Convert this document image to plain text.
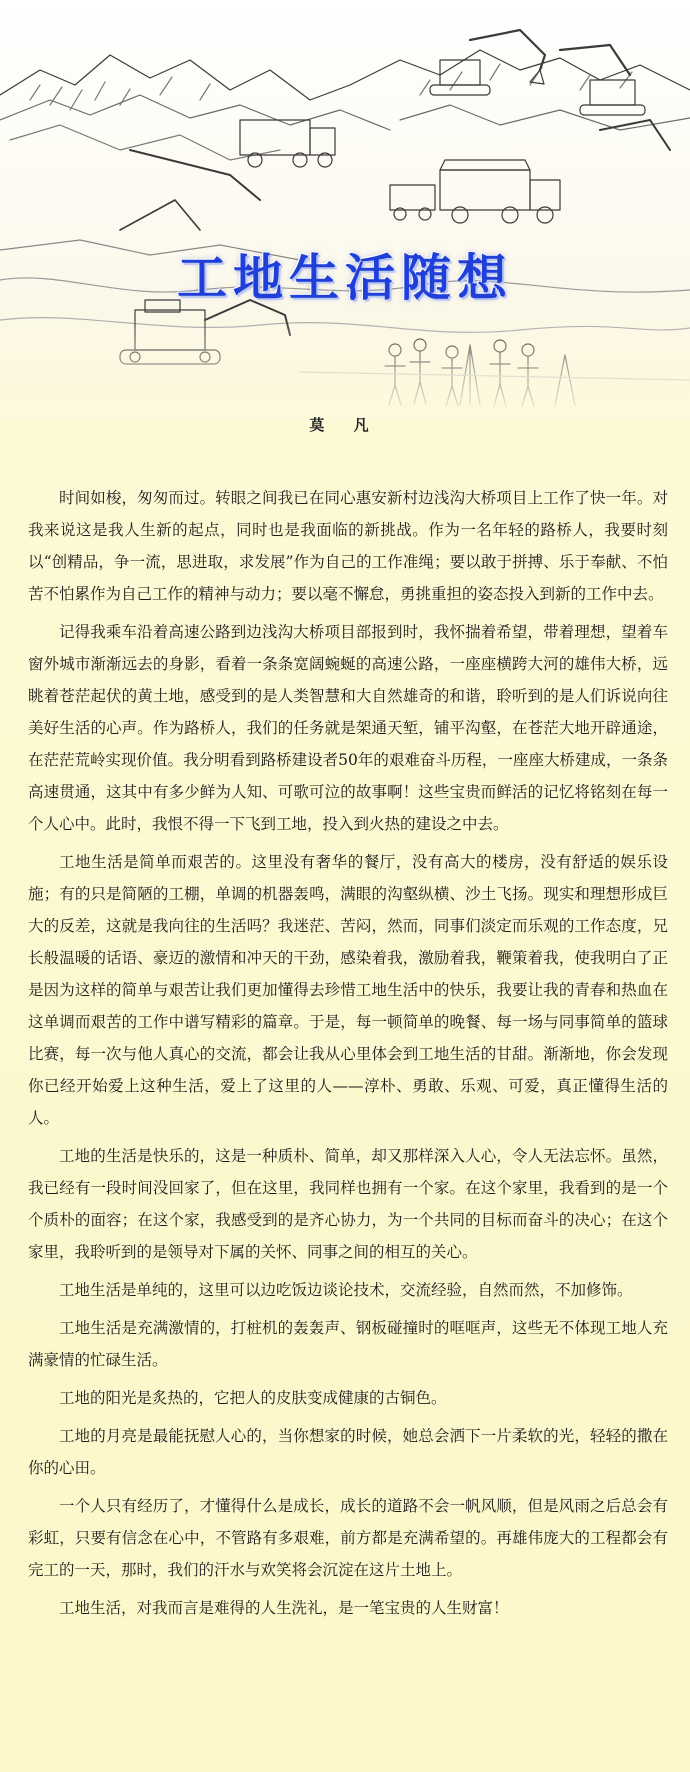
工地生活随想
莫 凡

时间如梭，匆匆而过。转眼之间我已在同心惠安新村边浅沟大桥项目上工作了快一年。对我来说这是我人生新的起点，同时也是我面临的新挑战。作为一名年轻的路桥人，我要时刻以“创精品，争一流，思进取，求发展”作为自己的工作准绳；要以敢于拼搏、乐于奉献、不怕苦不怕累作为自己工作的精神与动力；要以毫不懈怠，勇挑重担的姿态投入到新的工作中去。

记得我乘车沿着高速公路到边浅沟大桥项目部报到时，我怀揣着希望，带着理想，望着车窗外城市渐渐远去的身影，看着一条条宽阔蜿蜒的高速公路，一座座横跨大河的雄伟大桥，远眺着苍茫起伏的黄土地，感受到的是人类智慧和大自然雄奇的和谐，聆听到的是人们诉说向往美好生活的心声。作为路桥人，我们的任务就是架通天堑，铺平沟壑，在苍茫大地开辟通途，在茫茫荒岭实现价值。我分明看到路桥建设者50年的艰难奋斗历程，一座座大桥建成，一条条高速贯通，这其中有多少鲜为人知、可歌可泣的故事啊！这些宝贵而鲜活的记忆将铭刻在每一个人心中。此时，我恨不得一下飞到工地，投入到火热的建设之中去。

工地生活是简单而艰苦的。这里没有奢华的餐厅，没有高大的楼房，没有舒适的娱乐设施；有的只是简陋的工棚，单调的机器轰鸣，满眼的沟壑纵横、沙土飞扬。现实和理想形成巨大的反差，这就是我向往的生活吗？我迷茫、苦闷，然而，同事们淡定而乐观的工作态度，兄长般温暖的话语、豪迈的激情和冲天的干劲，感染着我，激励着我，鞭策着我，使我明白了正是因为这样的简单与艰苦让我们更加懂得去珍惜工地生活中的快乐，我要让我的青春和热血在这单调而艰苦的工作中谱写精彩的篇章。于是，每一顿简单的晚餐、每一场与同事简单的篮球比赛，每一次与他人真心的交流，都会让我从心里体会到工地生活的甘甜。渐渐地，你会发现你已经开始爱上这种生活，爱上了这里的人——淳朴、勇敢、乐观、可爱，真正懂得生活的人。

工地的生活是快乐的，这是一种质朴、简单，却又那样深入人心，令人无法忘怀。虽然，我已经有一段时间没回家了，但在这里，我同样也拥有一个家。在这个家里，我看到的是一个个质朴的面容；在这个家，我感受到的是齐心协力，为一个共同的目标而奋斗的决心；在这个家里，我聆听到的是领导对下属的关怀、同事之间的相互的关心。

工地生活是单纯的，这里可以边吃饭边谈论技术，交流经验，自然而然，不加修饰。

工地生活是充满激情的，打桩机的轰轰声、钢板碰撞时的哐哐声，这些无不体现工地人充满豪情的忙碌生活。

工地的阳光是炙热的，它把人的皮肤变成健康的古铜色。

工地的月亮是最能抚慰人心的，当你想家的时候，她总会洒下一片柔软的光，轻轻的撒在你的心田。

一个人只有经历了，才懂得什么是成长，成长的道路不会一帆风顺，但是风雨之后总会有彩虹，只要有信念在心中，不管路有多艰难，前方都是充满希望的。再雄伟庞大的工程都会有完工的一天，那时，我们的汗水与欢笑将会沉淀在这片土地上。

工地生活，对我而言是难得的人生洗礼，是一笔宝贵的人生财富！
